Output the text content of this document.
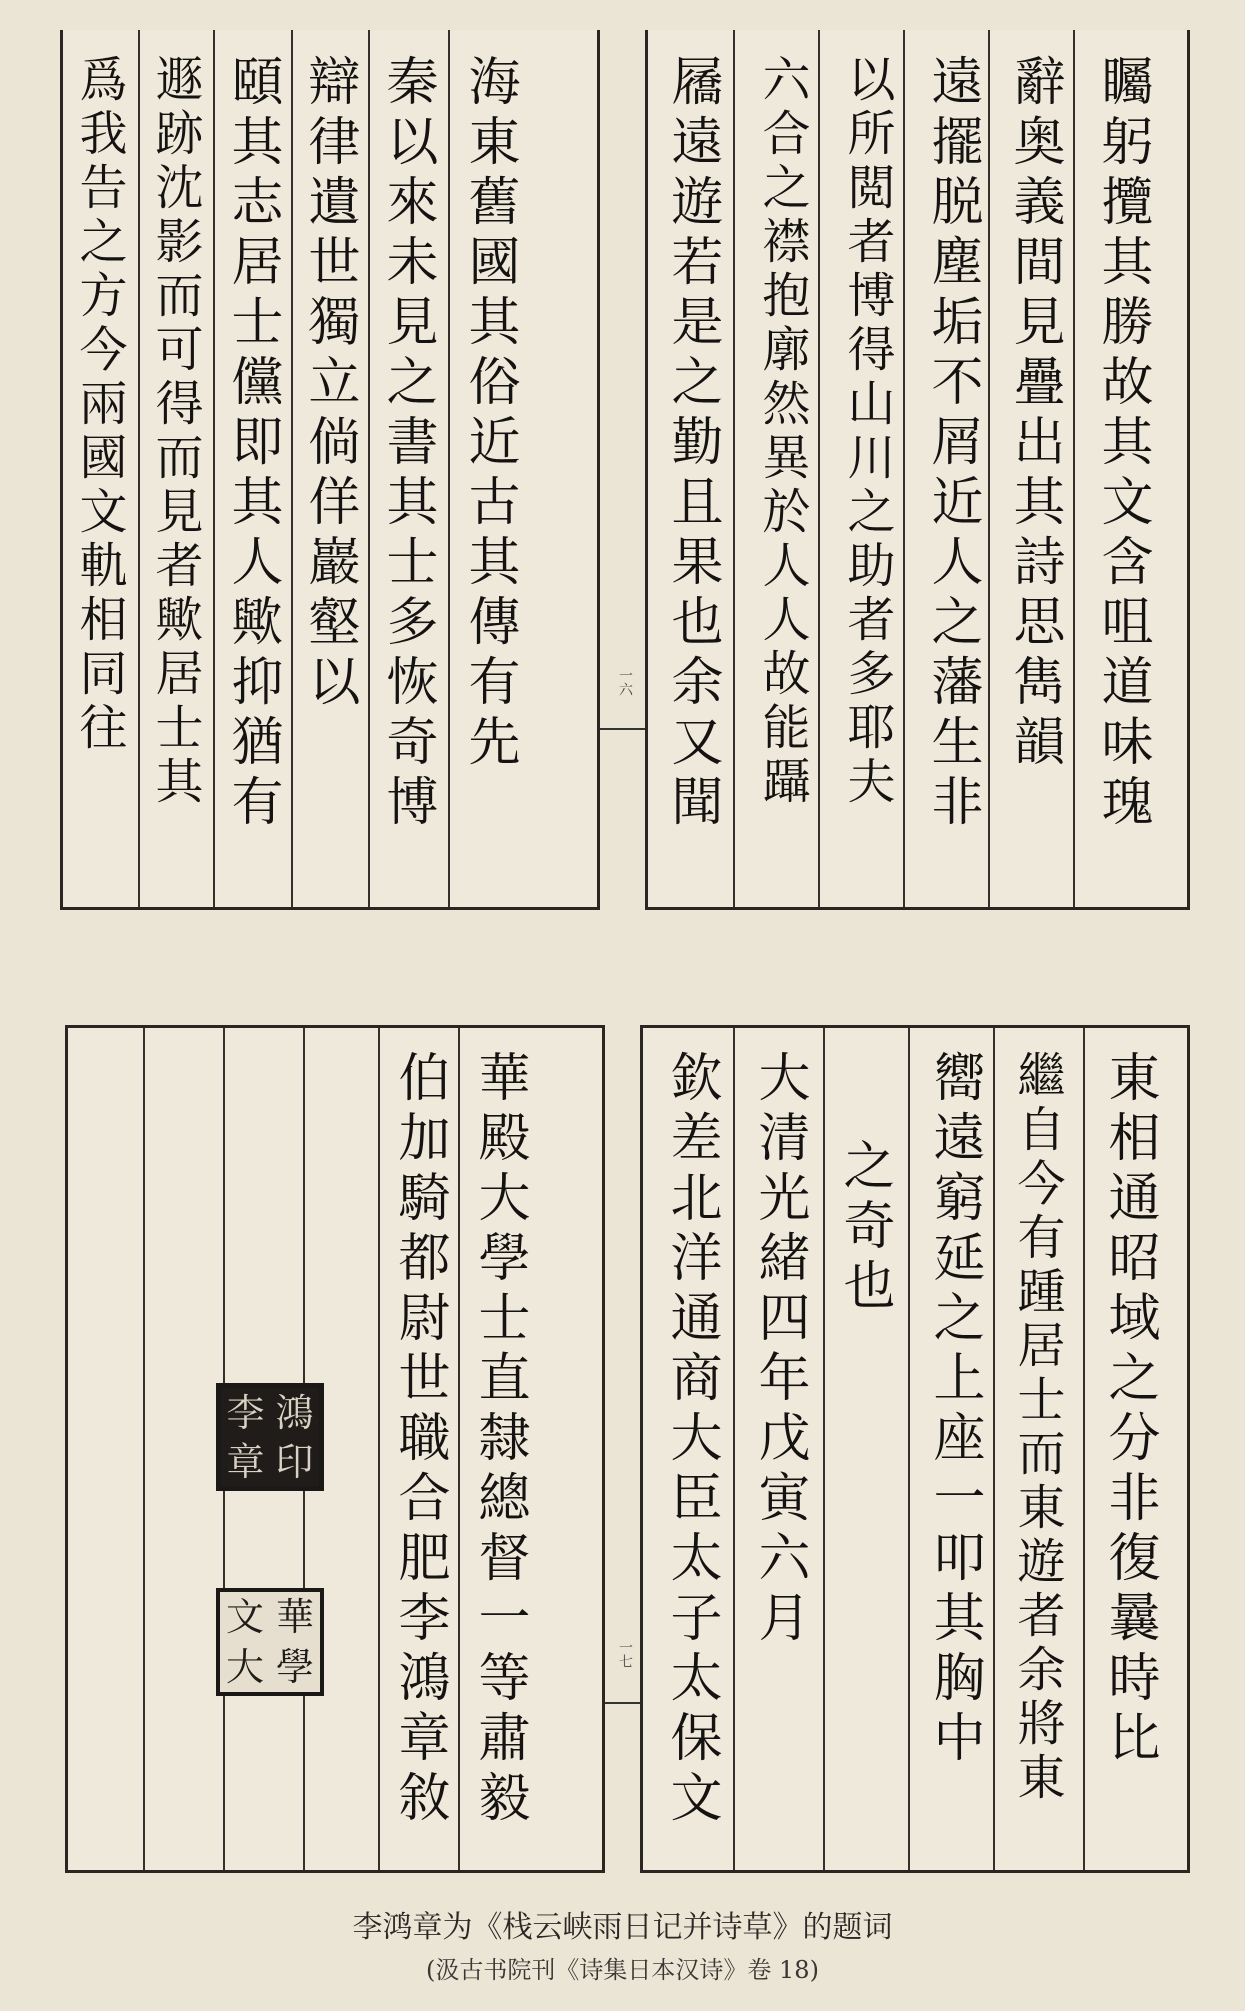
海東舊國其俗近古其傳有先
秦以來未見之書其士多恢奇博
辯律遺世獨立倘佯巖壑以
頤其志居士儻即其人歟抑猶有
遯跡沈影而可得而見者歟居士其
爲我告之方今兩國文軌相同往	一六	矚躬攬其勝故其文含咀道味瑰
辭奥義間見疊出其詩思雋韻
遠擺脱塵垢不屑近人之藩生非
以所閲者博得山川之助者多耶夫
六合之襟抱廓然異於人人故能躡
屩遠遊若是之勤且果也余又聞
華殿大學士直隸總督一等肅毅
伯加騎都尉世職合肥李鴻章敘
李 鴻
章 印
文 華
大 學	一七	東相通昭域之分非復曩時比
繼自今有踵居士而東遊者余將東
嚮遠窮延之上座一叩其胸中
之奇也
大清光緒四年戊寅六月
欽差北洋通商大臣太子太保文
李鸿章为《栈云峡雨日记并诗草》的题词
(汲古书院刊《诗集日本汉诗》卷 18)
